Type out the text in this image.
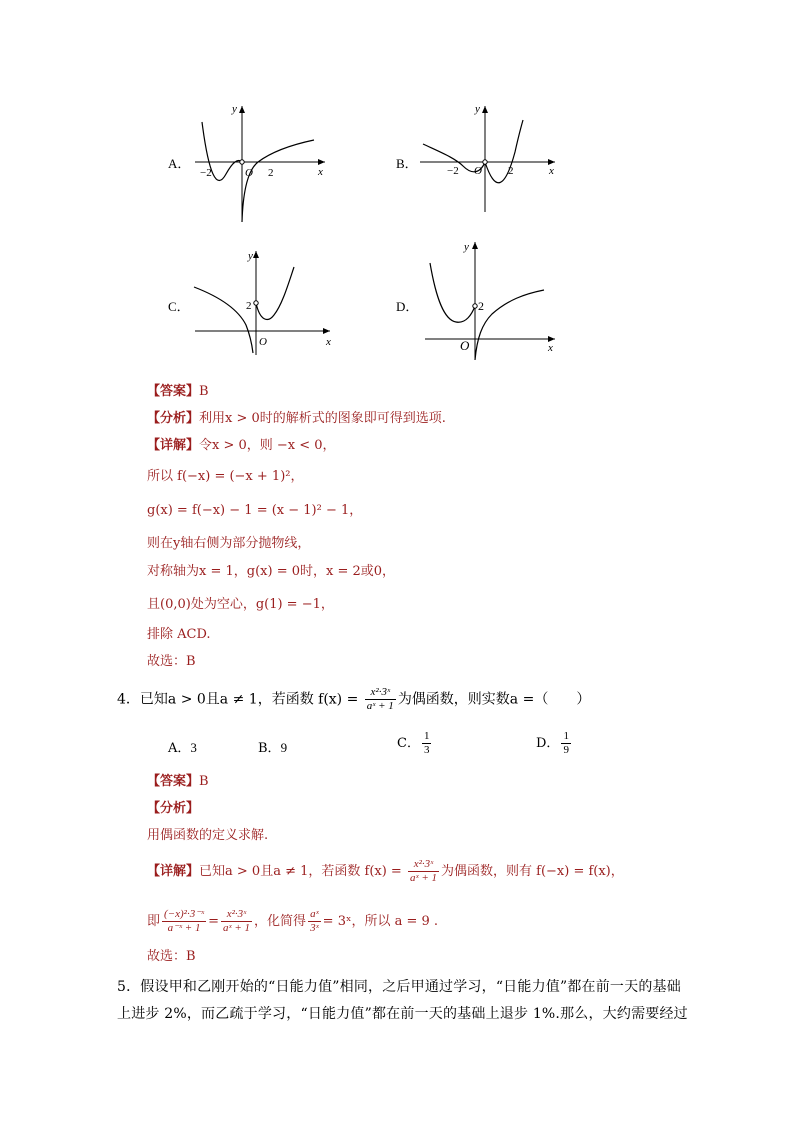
A．
x
y
O
−2	2
B．	x
y
O
−2	2
C．
x
y
O
2	D．
x
y
O
2
【答案】B
【分析】利用x > 0时的解析式的图象即可得到选项.
【详解】令x > 0，则 −x < 0，
所以 f(−x) = (−x + 1)²，
g(x) = f(−x) − 1 = (x − 1)² − 1，
则在y轴右侧为部分抛物线，
对称轴为x = 1，g(x) = 0时，x = 2或0，
且(0,0)处为空心，g(1) = −1，
排除 ACD.
故选：B
4．已知a > 0且a ≠ 1，若函数 $f(x) = \frac{\text{x²·3ˣ}}{\text{aˣ + 1}}$ 为偶函数，则实数a =（　　）
A．3	B．9	C． $\frac{1}{3}$	D． $\frac{1}{9}$
【答案】B
【分析】
用偶函数的定义求解.
【详解】已知a > 0且a ≠ 1，若函数 $f(x) = \frac{\text{x²·3ˣ}}{\text{aˣ + 1}}$ 为偶函数，则有 f(−x) = f(x)，
即 $\frac{\text{(−x)²·3⁻ˣ}}{\text{a⁻ˣ + 1}} = \frac{\text{x²·3ˣ}}{\text{aˣ + 1}}$ ，化简得 $\frac{\text{aˣ}}{\text{3ˣ}}$ = 3ˣ，所以 a = 9 .
故选：B
5．假设甲和乙刚开始的“日能力值”相同，之后甲通过学习，“日能力值”都在前一天的基础
上进步 2%，而乙疏于学习，“日能力值”都在前一天的基础上退步 1%.那么，大约需要经过
